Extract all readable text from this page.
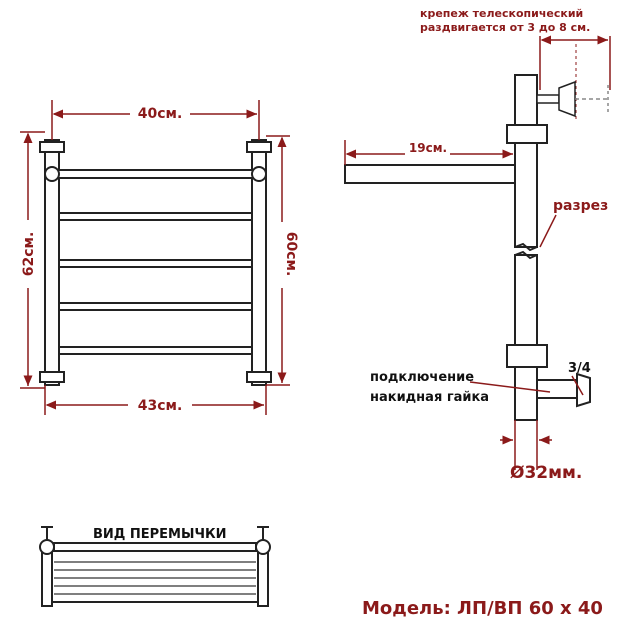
40см.
43см.
62см.	60см.
крепеж телескопический
раздвигается от 3 до 8 см.
19см.
разрез
3/4
подключение
накидная гайка
Ø32мм.
ВИД ПЕРЕМЫЧКИ
Модель: ЛП/ВП 60 х 40
